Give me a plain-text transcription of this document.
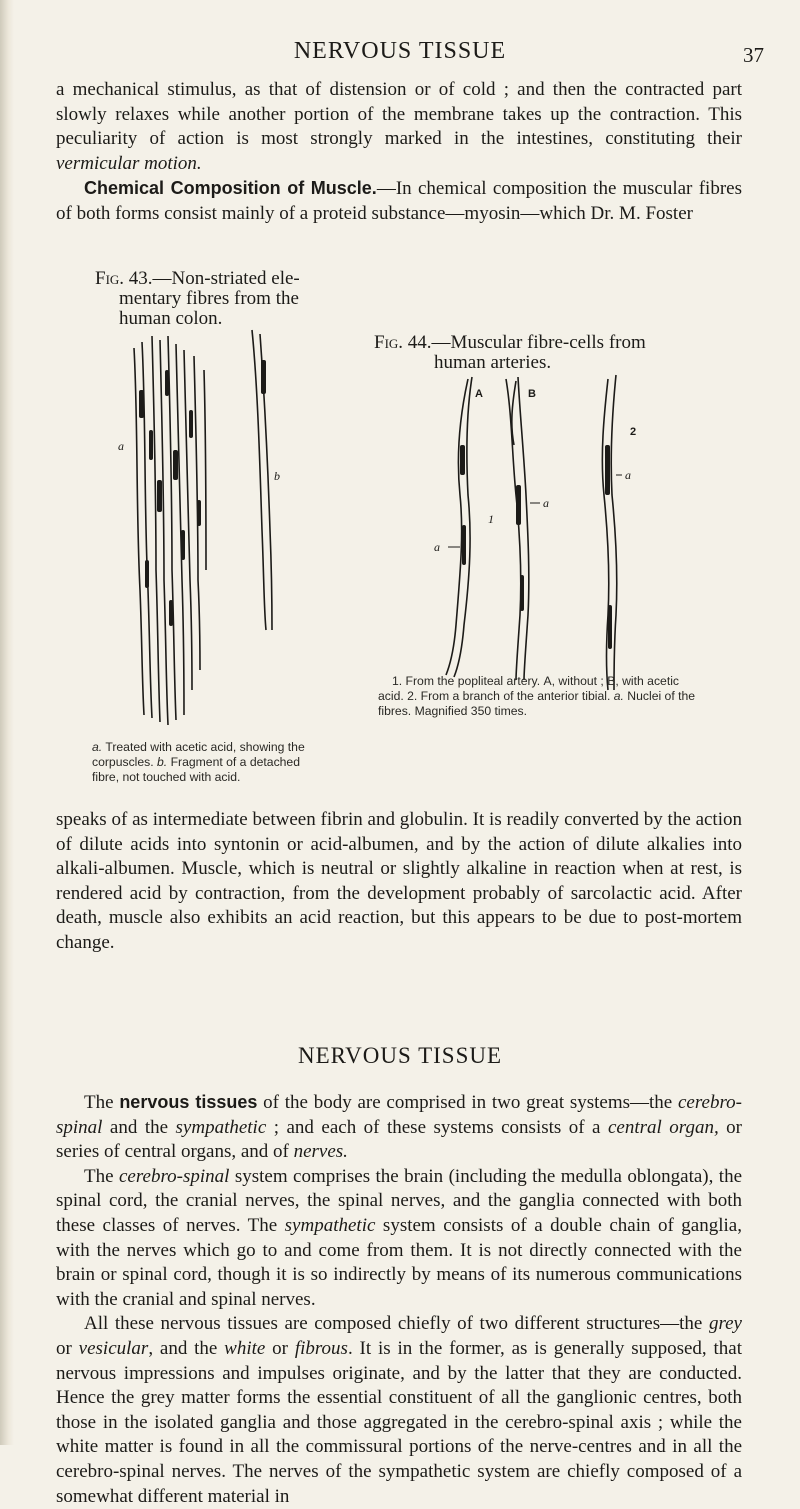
NERVOUS TISSUE	37

a mechanical stimulus, as that of distension or of cold ; and then the contracted part slowly relaxes while another portion of the membrane takes up the contraction. This peculiarity of action is most strongly marked in the intestines, constituting their vermicular motion.

Chemical Composition of Muscle.—In chemical composition the muscular fibres of both forms consist mainly of a proteid substance—myosin—which Dr. M. Foster

Fig. 43.—Non-striated ele-
mentary fibres from the
human colon.
a
b
a. Treated with acetic acid, showing the corpuscles. b. Fragment of a detached fibre, not touched with acid.
Fig. 44.—Muscular fibre-cells from
human arteries.
A	B
1
2
a
a
a
1. From the popliteal artery. A, without ; B, with acetic acid. 2. From a branch of the anterior tibial. a. Nuclei of the fibres. Magnified 350 times.

speaks of as intermediate between fibrin and globulin. It is readily converted by the action of dilute acids into syntonin or acid-albumen, and by the action of dilute alkalies into alkali-albumen. Muscle, which is neutral or slightly alkaline in reaction when at rest, is rendered acid by contraction, from the development probably of sarcolactic acid. After death, muscle also exhibits an acid reaction, but this appears to be due to post-mortem change.

NERVOUS TISSUE

The nervous tissues of the body are comprised in two great systems—the cerebro-spinal and the sympathetic ; and each of these systems consists of a central organ, or series of central organs, and of nerves.

The cerebro-spinal system comprises the brain (including the medulla oblongata), the spinal cord, the cranial nerves, the spinal nerves, and the ganglia connected with both these classes of nerves. The sympathetic system consists of a double chain of ganglia, with the nerves which go to and come from them. It is not directly connected with the brain or spinal cord, though it is so indirectly by means of its numerous communications with the cranial and spinal nerves.

All these nervous tissues are composed chiefly of two different structures—the grey or vesicular, and the white or fibrous. It is in the former, as is generally supposed, that nervous impressions and impulses originate, and by the latter that they are conducted. Hence the grey matter forms the essential constituent of all the ganglionic centres, both those in the isolated ganglia and those aggregated in the cerebro-spinal axis ; while the white matter is found in all the commissural portions of the nerve-centres and in all the cerebro-spinal nerves. The nerves of the sympathetic system are chiefly composed of a somewhat different material in
